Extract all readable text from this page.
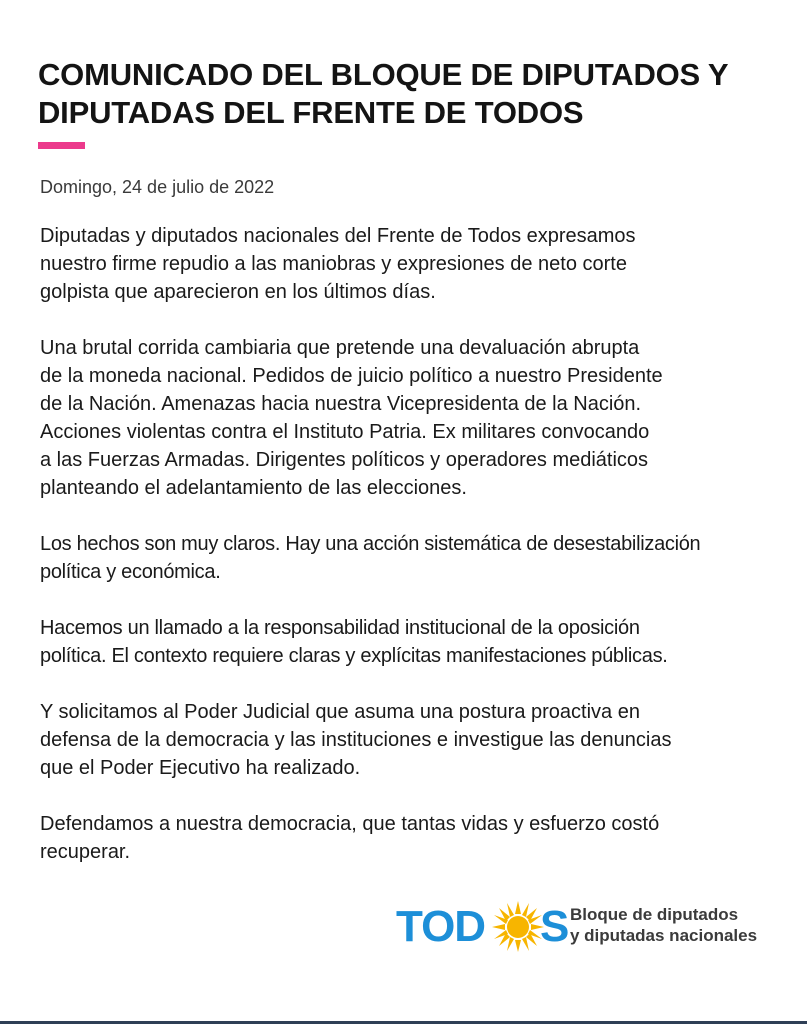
COMUNICADO DEL BLOQUE DE DIPUTADOS Y
DIPUTADAS DEL FRENTE DE TODOS
Domingo, 24 de julio de 2022

Diputadas y diputados nacionales del Frente de Todos expresamos
nuestro firme repudio a las maniobras y expresiones de neto corte
golpista que aparecieron en los últimos días.

Una brutal corrida cambiaria que pretende una devaluación abrupta
de la moneda nacional. Pedidos de juicio político a nuestro Presidente
de la Nación. Amenazas hacia nuestra Vicepresidenta de la Nación.
Acciones violentas contra el Instituto Patria. Ex militares convocando
a las Fuerzas Armadas. Dirigentes políticos y operadores mediáticos
planteando el adelantamiento de las elecciones.

Los hechos son muy claros. Hay una acción sistemática de desestabilización
política y económica.

Hacemos un llamado a la responsabilidad institucional de la oposición
política. El contexto requiere claras y explícitas manifestaciones públicas.

Y solicitamos al Poder Judicial que asuma una postura proactiva en
defensa de la democracia y las instituciones e investigue las denuncias
que el Poder Ejecutivo ha realizado.

Defendamos a nuestra democracia, que tantas vidas y esfuerzo costó
recuperar.

TOD S Bloque de diputados
y diputadas nacionales
